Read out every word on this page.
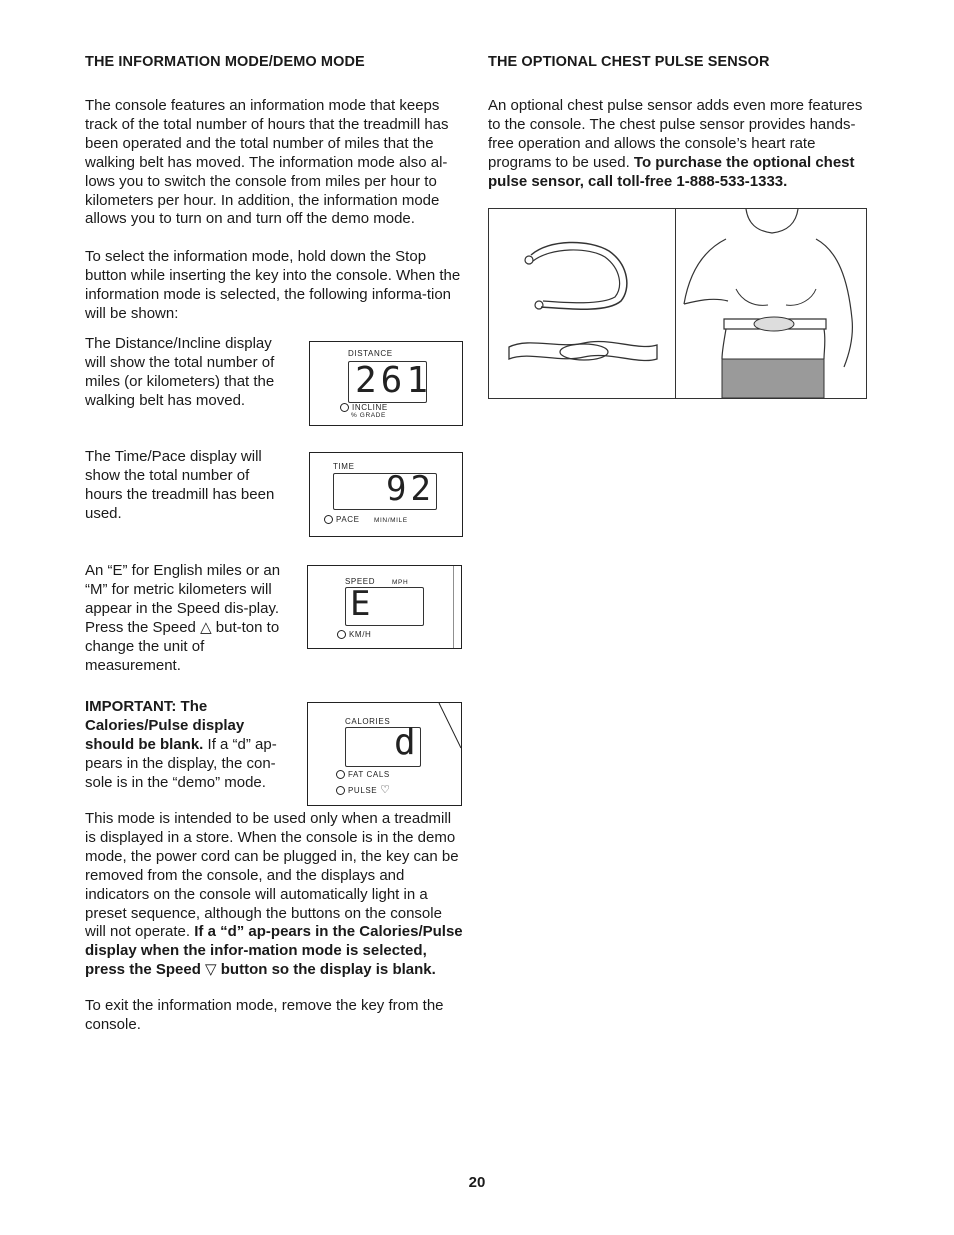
THE INFORMATION MODE/DEMO MODE

The console features an information mode that keeps track of the total number of hours that the treadmill has been operated and the total number of miles that the walking belt has moved. The information mode also al-lows you to switch the console from miles per hour to kilometers per hour. In addition, the information mode allows you to turn on and turn off the demo mode.

To select the information mode, hold down the Stop button while inserting the key into the console. When the information mode is selected, the following informa-tion will be shown:

The Distance/Incline display will show the total number of miles (or kilometers) that the walking belt has moved.
DISTANCE
261
INCLINE
% GRADE
The Time/Pace display will show the total number of hours the treadmill has been used.
TIME
92
PACE MIN/MILE
An “E” for English miles or an “M” for metric kilometers will appear in the Speed dis-play. Press the Speed △ but-ton to change the unit of measurement.
SPEED	MPH
E
KM/H
IMPORTANT: The Calories/Pulse display should be blank. If a “d” ap-pears in the display, the con-sole is in the “demo” mode.
CALORIES
d
FAT CALS
PULSE ♡

This mode is intended to be used only when a treadmill is displayed in a store. When the console is in the demo mode, the power cord can be plugged in, the key can be removed from the console, and the displays and indicators on the console will automatically light in a preset sequence, although the buttons on the console will not operate. If a “d” ap-pears in the Calories/Pulse display when the infor-mation mode is selected, press the Speed ▽ button so the display is blank.

To exit the information mode, remove the key from the console.

THE OPTIONAL CHEST PULSE SENSOR

An optional chest pulse sensor adds even more features to the console. The chest pulse sensor provides hands-free operation and allows the console’s heart rate programs to be used. To purchase the optional chest pulse sensor, call toll-free 1-888-533-1333.

20
